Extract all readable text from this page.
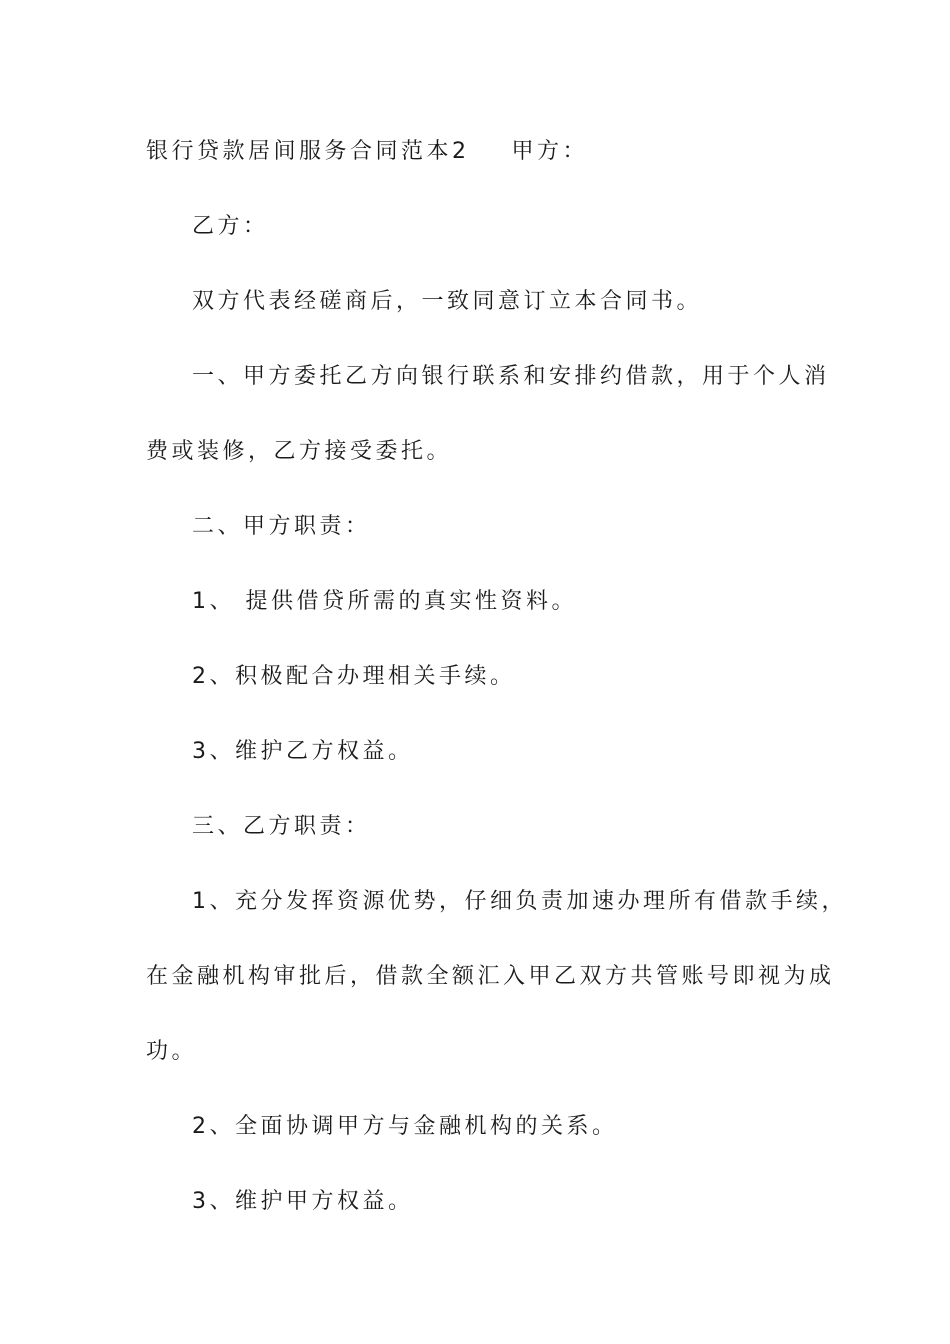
银行贷款居间服务合同范本2 甲方：
乙方：
双方代表经磋商后，一致同意订立本合同书。
一、甲方委托乙方向银行联系和安排约借款，用于个人消
费或装修，乙方接受委托。
二、甲方职责：
1、 提供借贷所需的真实性资料。
2、积极配合办理相关手续。
3、维护乙方权益。
三、乙方职责：
1、充分发挥资源优势，仔细负责加速办理所有借款手续，
在金融机构审批后，借款全额汇入甲乙双方共管账号即视为成
功。
2、全面协调甲方与金融机构的关系。
3、维护甲方权益。
